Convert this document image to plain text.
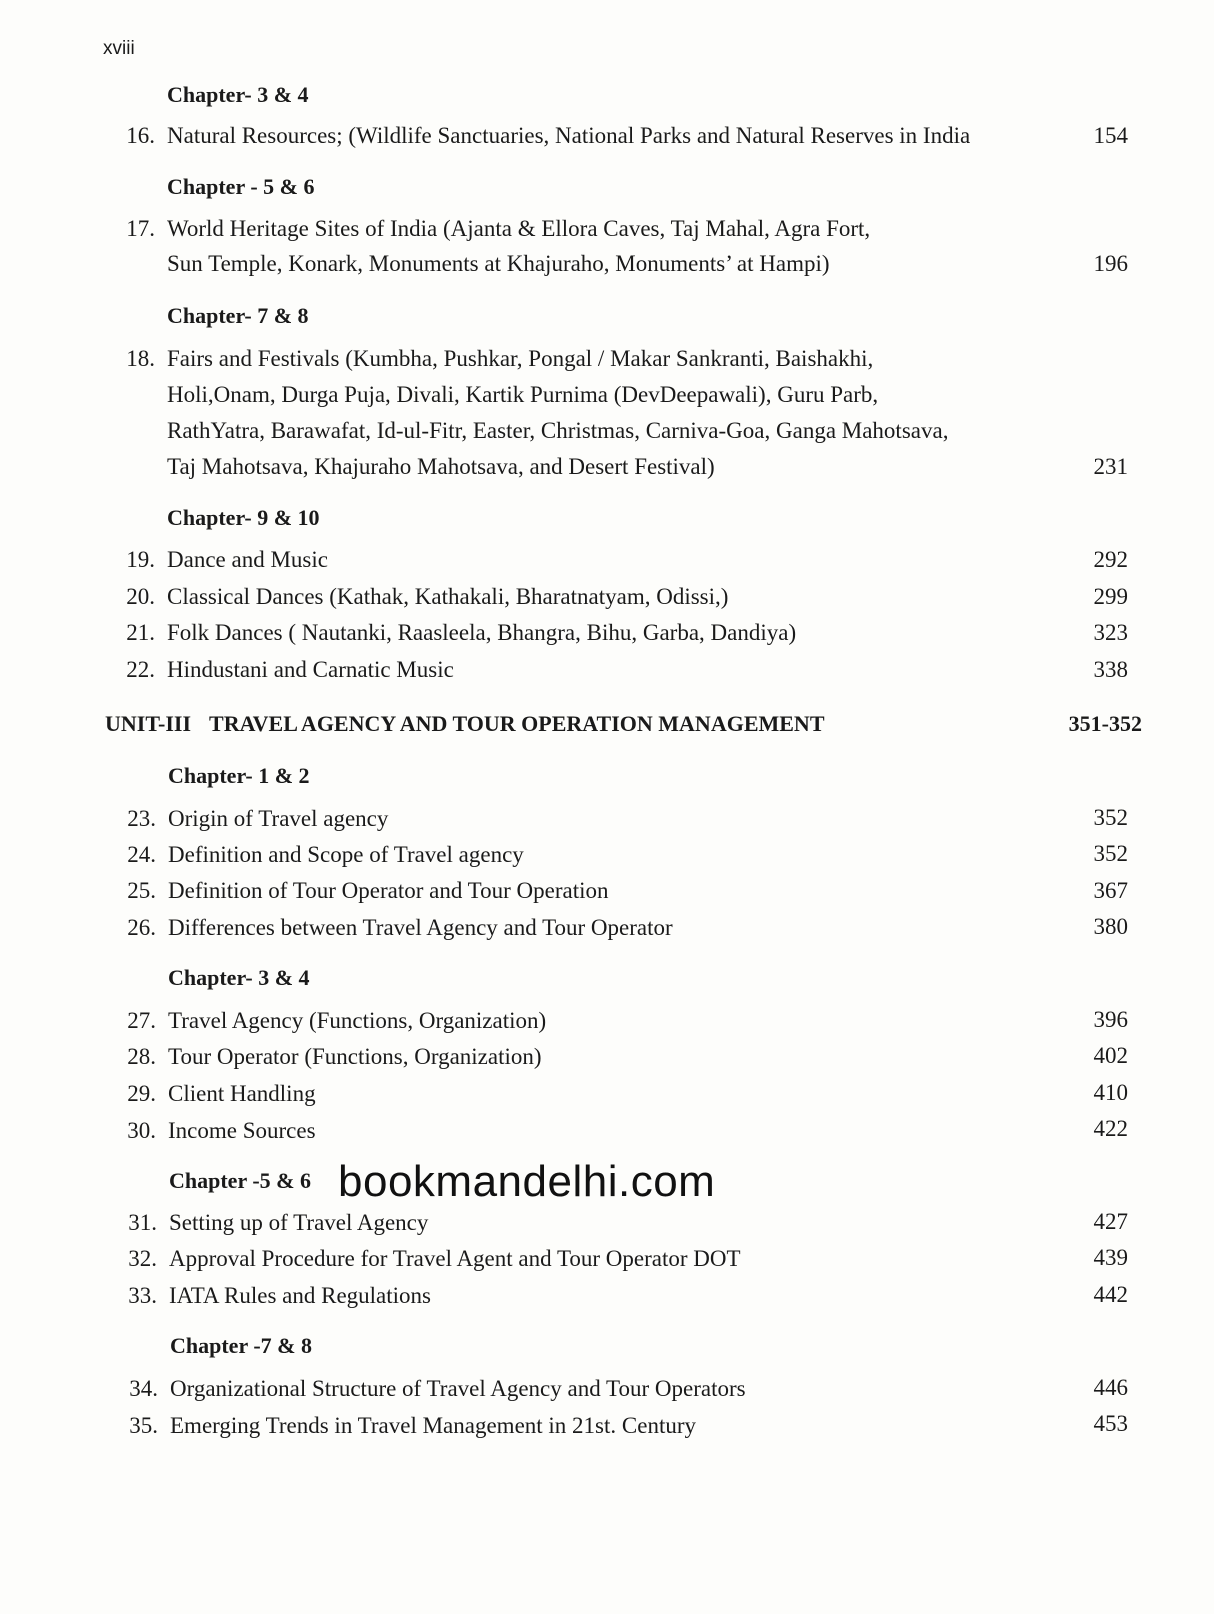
xviii
Chapter- 3 & 4
16. Natural Resources; (Wildlife Sanctuaries, National Parks and Natural Reserves in India	154
Chapter - 5 & 6
17. World Heritage Sites of India (Ajanta & Ellora Caves, Taj Mahal, Agra Fort,
Sun Temple, Konark, Monuments at Khajuraho, Monuments’ at Hampi)	196
Chapter- 7 & 8
18. Fairs and Festivals (Kumbha, Pushkar, Pongal / Makar Sankranti, Baishakhi,
Holi,Onam, Durga Puja, Divali, Kartik Purnima (DevDeepawali), Guru Parb,
RathYatra, Barawafat, Id-ul-Fitr, Easter, Christmas, Carniva-Goa, Ganga Mahotsava,
Taj Mahotsava, Khajuraho Mahotsava, and Desert Festival)	231
Chapter- 9 & 10
19. Dance and Music	292
20. Classical Dances (Kathak, Kathakali, Bharatnatyam, Odissi,)	299
21. Folk Dances ( Nautanki, Raasleela, Bhangra, Bihu, Garba, Dandiya)	323
22. Hindustani and Carnatic Music	338
UNIT-III TRAVEL AGENCY AND TOUR OPERATION MANAGEMENT	351-352
Chapter- 1 & 2
23. Origin of Travel agency	352
24. Definition and Scope of Travel agency	352
25. Definition of Tour Operator and Tour Operation	367
26. Differences between Travel Agency and Tour Operator	380
Chapter- 3 & 4
27. Travel Agency (Functions, Organization)	396
28. Tour Operator (Functions, Organization)	402
29. Client Handling	410
30. Income Sources	422
Chapter -5 & 6 bookmandelhi.com
31. Setting up of Travel Agency	427
32. Approval Procedure for Travel Agent and Tour Operator DOT	439
33. IATA Rules and Regulations	442
Chapter -7 & 8
34. Organizational Structure of Travel Agency and Tour Operators	446
35. Emerging Trends in Travel Management in 21st. Century	453
